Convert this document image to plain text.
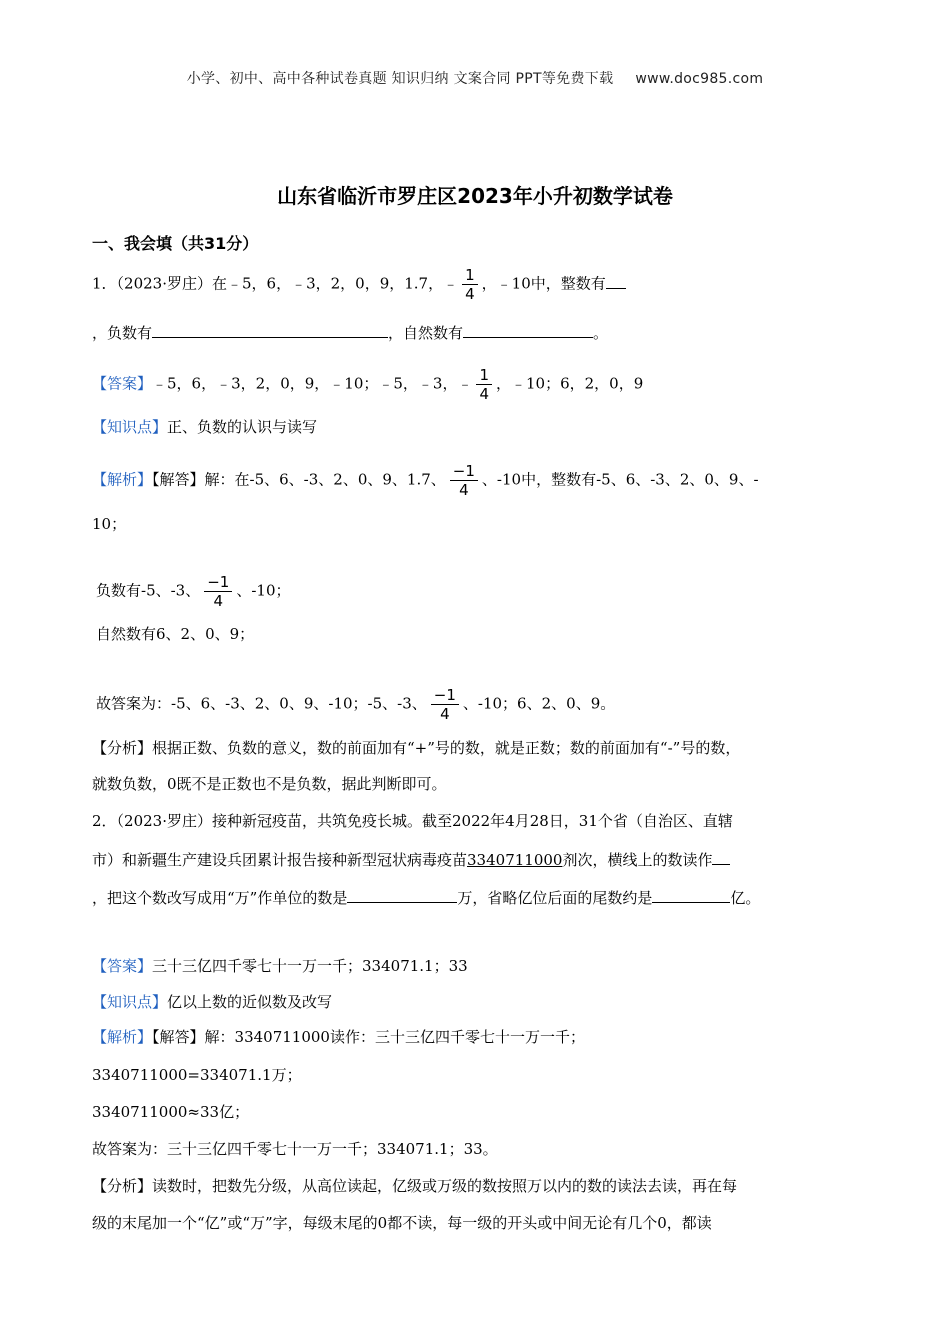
小学、初中、高中各种试卷真题 知识归纳 文案合同 PPT等免费下载 www.doc985.com
山东省临沂市罗庄区2023年小升初数学试卷
一、我会填（共31分）
1．（2023·罗庄）在﹣5，6，﹣3，2，0，9，1.7，﹣ $\frac{1}{4}$ ，﹣10中，整数有
，负数有	，自然数有	。
【答案】﹣5，6，﹣3，2，0，9，﹣10；﹣5，﹣3，﹣ $\frac{1}{4}$ ，﹣10；6，2，0，9
【知识点】正、负数的认识与读写
【解析】【解答】解：在-5、6、-3、2、0、9、1.7、 $\frac{-1}{4}$ 、-10中，整数有-5、6、-3、2、0、9、-
10；
负数有-5、-3、 $\frac{-1}{4}$ 、-10；
自然数有6、2、0、9；
故答案为：-5、6、-3、2、0、9、-10；-5、-3、 $\frac{-1}{4}$ 、-10；6、2、0、9。
【分析】根据正数、负数的意义，数的前面加有“+”号的数，就是正数；数的前面加有“-”号的数，
就数负数，0既不是正数也不是负数，据此判断即可。
2．（2023·罗庄）接种新冠疫苗，共筑免疫长城。截至2022年4月28日，31个省（自治区、直辖
市）和新疆生产建设兵团累计报告接种新型冠状病毒疫苗3340711000剂次，横线上的数读作
，把这个数改写成用“万”作单位的数是	万，省略亿位后面的尾数约是	亿。
【答案】三十三亿四千零七十一万一千；334071.1；33
【知识点】亿以上数的近似数及改写
【解析】【解答】解：3340711000读作：三十三亿四千零七十一万一千；
3340711000=334071.1万；
3340711000≈33亿；
故答案为：三十三亿四千零七十一万一千；334071.1；33。
【分析】读数时，把数先分级，从高位读起，亿级或万级的数按照万以内的数的读法去读，再在每
级的末尾加一个“亿”或“万”字，每级末尾的0都不读，每一级的开头或中间无论有几个0，都读
